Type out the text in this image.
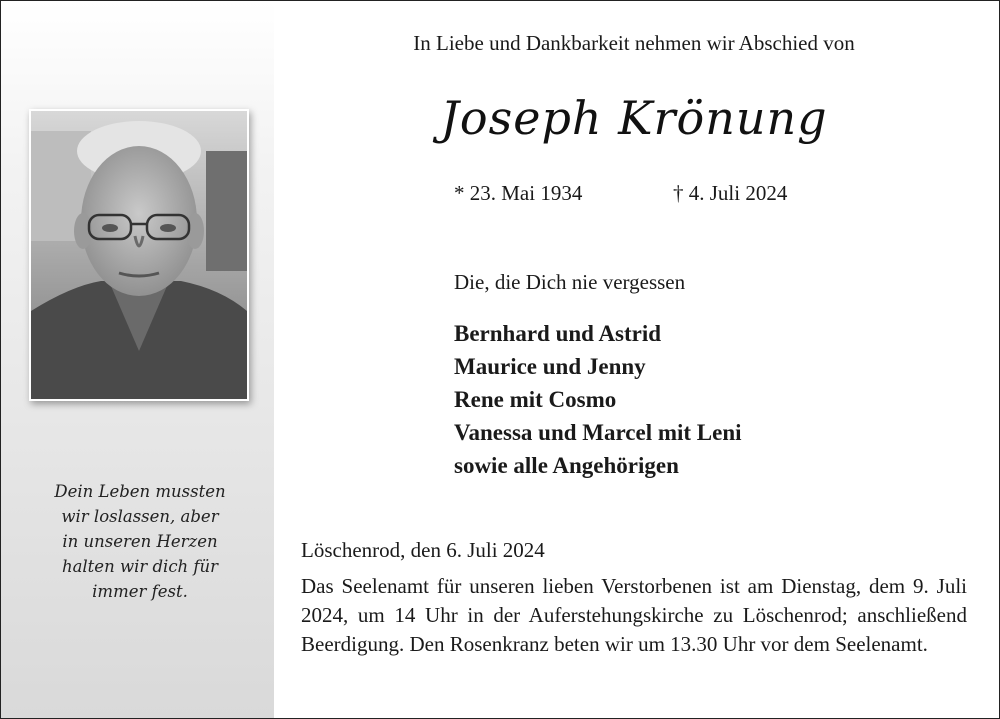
Dein Leben mussten
wir loslassen, aber
in unseren Herzen
halten wir dich für
immer fest.
In Liebe und Dankbarkeit nehmen wir Abschied von
Joseph Krönung
* 23. Mai 1934	† 4. Juli 2024
Die, die Dich nie vergessen
Bernhard und Astrid
Maurice und Jenny
Rene mit Cosmo
Vanessa und Marcel mit Leni
sowie alle Angehörigen
Löschenrod, den 6. Juli 2024

Das Seelenamt für unseren lieben Verstorbenen ist am Dienstag, dem 9. Juli 2024, um 14 Uhr in der Auferstehungskirche zu Löschenrod; anschließend Beerdigung. Den Rosenkranz beten wir um 13.30 Uhr vor dem Seelenamt.
